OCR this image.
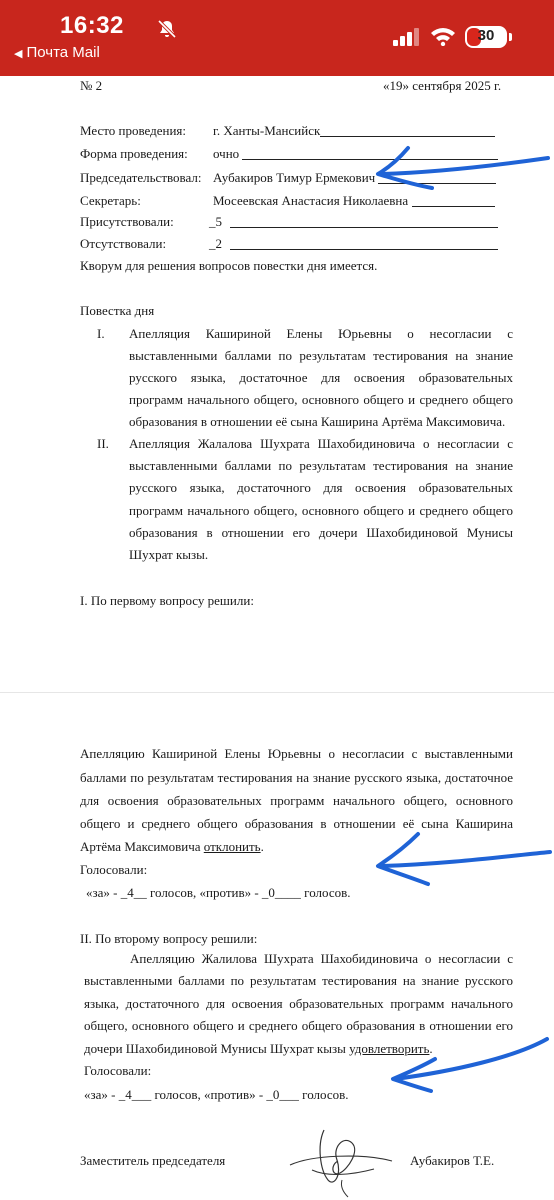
16:32
◀ Почта Mail
30
№ 2	«19» сентября 2025 г.
Место проведения: г. Ханты-Мансийск
Форма проведения: очно
Председательствовал: Аубакиров Тимур Ермекович
Секретарь:	Мосеевская Анастасия Николаевна
Присутствовали:	_5
Отсутствовали:	_2
Кворум для решения вопросов повестки дня имеется.
Повестка дня
I. Апелляция Кашириной Елены Юрьевны о несогласии с
выставленными баллами по результатам тестирования на знание
русского языка, достаточное для освоения образовательных
программ начального общего, основного общего и среднего общего
образования в отношении её сына Каширина Артёма Максимовича.
II. Апелляция Жалалова Шухрата Шахобидиновича о несогласии с
выставленными баллами по результатам тестирования на знание
русского языка, достаточного для освоения образовательных
программ начального общего, основного общего и среднего общего
образования в отношении его дочери Шахобидиновой Мунисы
Шухрат кызы.
I. По первому вопросу решили:
Апелляцию Кашириной Елены Юрьевны о несогласии с выставленными
баллами по результатам тестирования на знание русского языка, достаточное
для освоения образовательных программ начального общего, основного
общего и среднего общего образования в отношении её сына Каширина
Артёма Максимовича отклонить.
Голосовали:
«за» - _4__ голосов, «против» - _0____ голосов.
II. По второму вопросу решили:
Апелляцию Жалилова Шухрата Шахобидиновича о несогласии с
выставленными баллами по результатам тестирования на знание русского
языка, достаточного для освоения образовательных программ начального
общего, основного общего и среднего общего образования в отношении его
дочери Шахобидиновой Мунисы Шухрат кызы удовлетворить.
Голосовали:
«за» - _4___ голосов, «против» - _0___ голосов.
Заместитель председателя	Аубакиров Т.Е.
